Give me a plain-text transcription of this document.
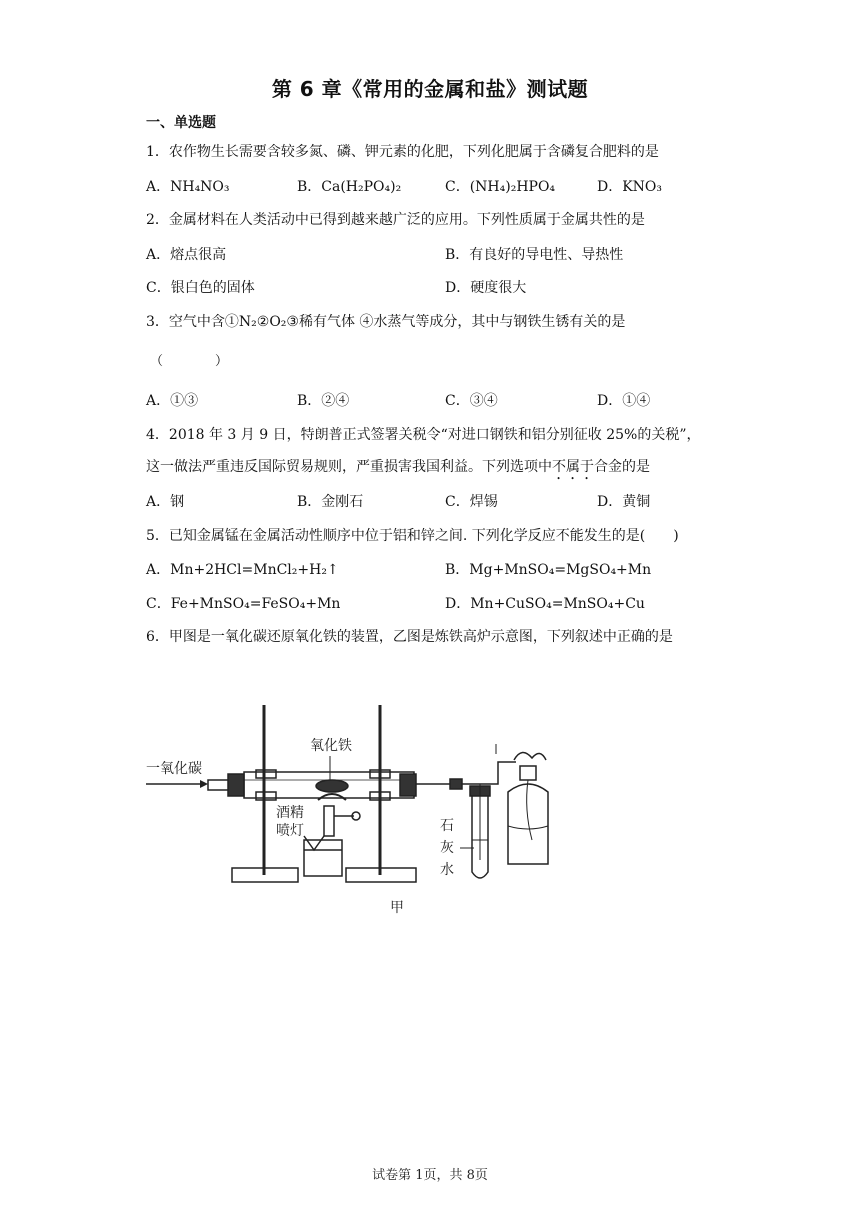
第 6 章《常用的金属和盐》测试题
一、单选题
1．农作物生长需要含较多氮、磷、钾元素的化肥，下列化肥属于含磷复合肥料的是
A．NH₄NO₃	B．Ca(H₂PO₄)₂	C．(NH₄)₂HPO₄	D．KNO₃
2．金属材料在人类活动中已得到越来越广泛的应用。下列性质属于金属共性的是
A．熔点很高	B．有良好的导电性、导热性
C．银白色的固体	D．硬度很大
3．空气中含①N₂②O₂③稀有气体 ④水蒸气等成分，其中与钢铁生锈有关的是
（　　　　）
A．①③	B．②④	C．③④	D．①④
4．2018 年 3 月 9 日，特朗普正式签署关税令“对进口钢铁和铝分别征收 25%的关税”，
这一做法严重违反国际贸易规则，严重损害我国利益。下列选项中不属于合金的是
A．钢	B．金刚石	C．焊锡	D．黄铜
5．已知金属锰在金属活动性顺序中位于铝和锌之间. 下列化学反应不能发生的是(　　)
A．Mn+2HCl=MnCl₂+H₂↑	B．Mg+MnSO₄=MgSO₄+Mn
C．Fe+MnSO₄=FeSO₄+Mn	D．Mn+CuSO₄=MnSO₄+Cu
6．甲图是一氧化碳还原氧化铁的装置，乙图是炼铁高炉示意图，下列叙述中正确的是
一氧化碳
氧化铁
酒精
喷灯	石
灰
水
甲
试卷第 1页，共 8页
